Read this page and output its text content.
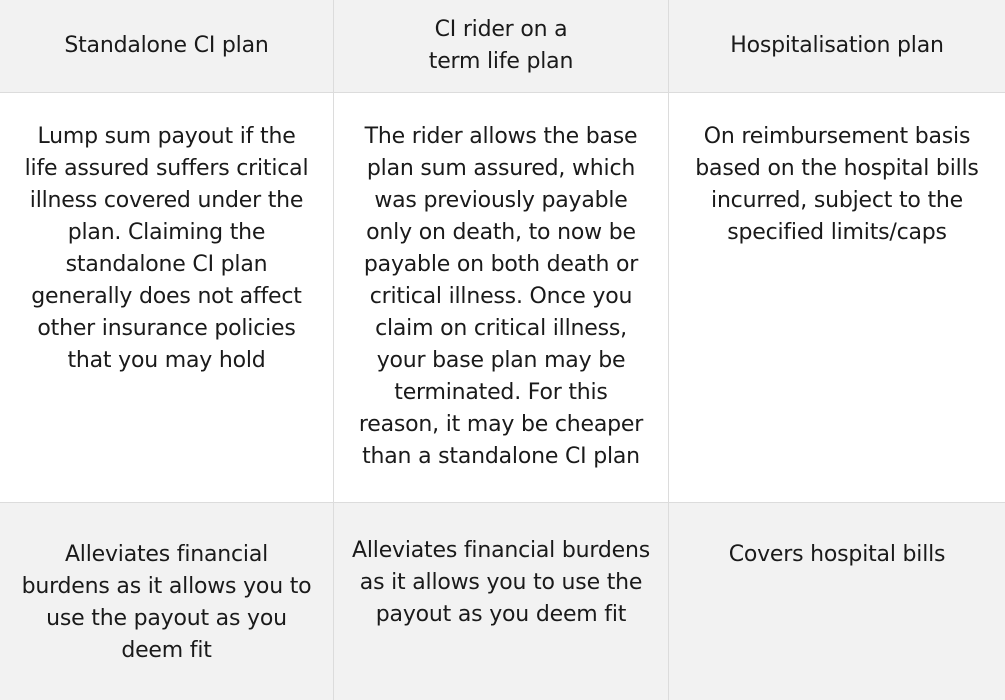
Standalone CI plan
CI rider on a term life plan
Hospitalisation plan
Lump sum payout if the life assured suffers critical illness covered under the plan. Claiming the standalone CI plan generally does not affect other insurance policies that you may hold
The rider allows the base plan sum assured, which was previously payable only on death, to now be payable on both death or critical illness. Once you claim on critical illness, your base plan may be terminated. For this reason, it may be cheaper than a standalone CI plan
On reimbursement basis based on the hospital bills incurred, subject to the specified limits/caps
Alleviates financial burdens as it allows you to use the payout as you deem fit
Alleviates financial burdens as it allows you to use the payout as you deem fit
Covers hospital bills
